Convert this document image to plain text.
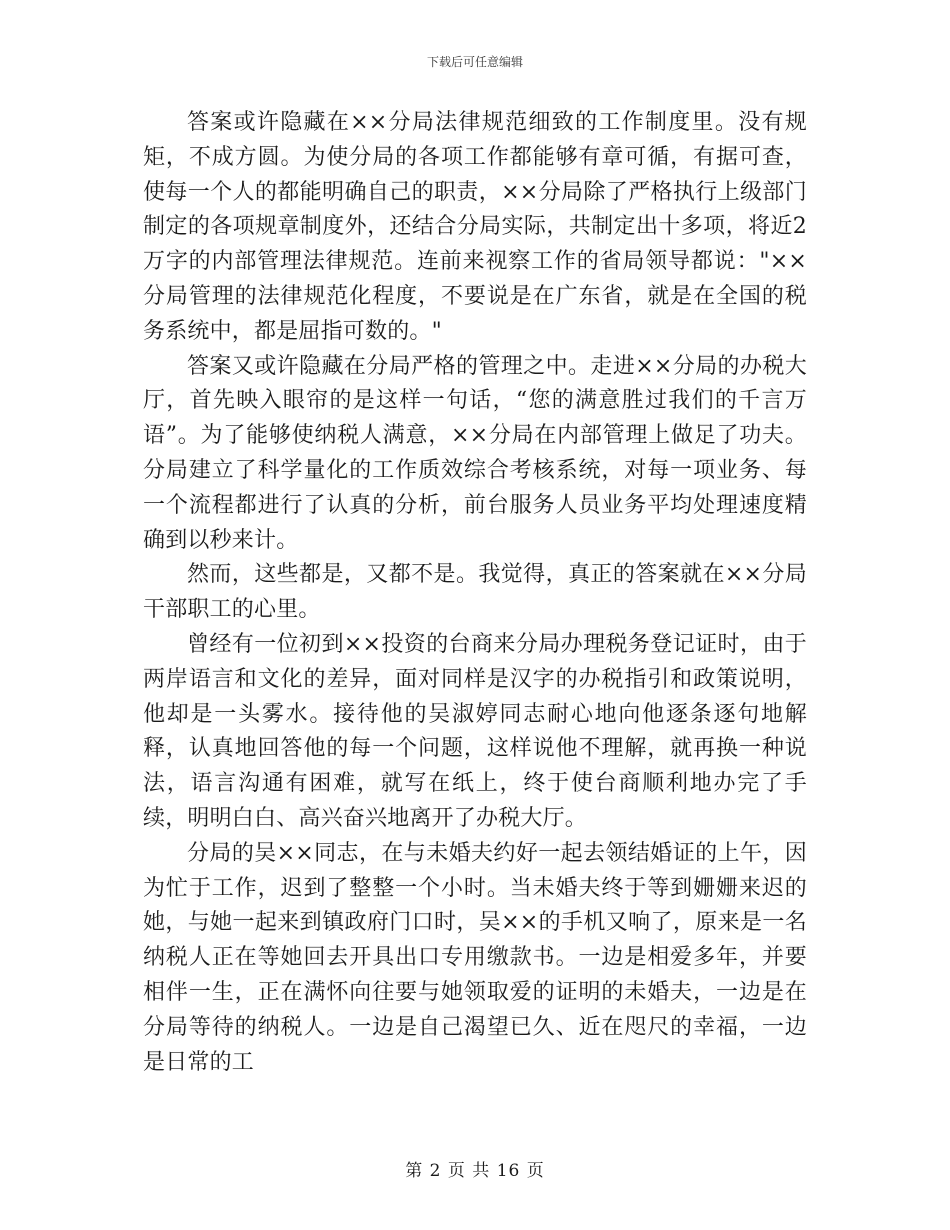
下载后可任意编辑

答案或许隐藏在××分局法律规范细致的工作制度里。没有规矩，不成方圆。为使分局的各项工作都能够有章可循，有据可查，使每一个人的都能明确自己的职责，××分局除了严格执行上级部门制定的各项规章制度外，还结合分局实际，共制定出十多项，将近2万字的内部管理法律规范。连前来视察工作的省局领导都说："××分局管理的法律规范化程度，不要说是在广东省，就是在全国的税务系统中，都是屈指可数的。"

答案又或许隐藏在分局严格的管理之中。走进××分局的办税大厅，首先映入眼帘的是这样一句话，“您的满意胜过我们的千言万语”。为了能够使纳税人满意，××分局在内部管理上做足了功夫。分局建立了科学量化的工作质效综合考核系统，对每一项业务、每一个流程都进行了认真的分析，前台服务人员业务平均处理速度精确到以秒来计。

然而，这些都是，又都不是。我觉得，真正的答案就在××分局干部职工的心里。

曾经有一位初到××投资的台商来分局办理税务登记证时，由于两岸语言和文化的差异，面对同样是汉字的办税指引和政策说明，他却是一头雾水。接待他的吴淑婷同志耐心地向他逐条逐句地解释，认真地回答他的每一个问题，这样说他不理解，就再换一种说法，语言沟通有困难，就写在纸上，终于使台商顺利地办完了手续，明明白白、高兴奋兴地离开了办税大厅。

分局的吴××同志，在与未婚夫约好一起去领结婚证的上午，因为忙于工作，迟到了整整一个小时。当未婚夫终于等到姗姗来迟的她，与她一起来到镇政府门口时，吴××的手机又响了，原来是一名纳税人正在等她回去开具出口专用缴款书。一边是相爱多年，并要相伴一生，正在满怀向往要与她领取爱的证明的未婚夫，一边是在分局等待的纳税人。一边是自己渴望已久、近在咫尺的幸福，一边是日常的工

第 2 页 共 16 页
